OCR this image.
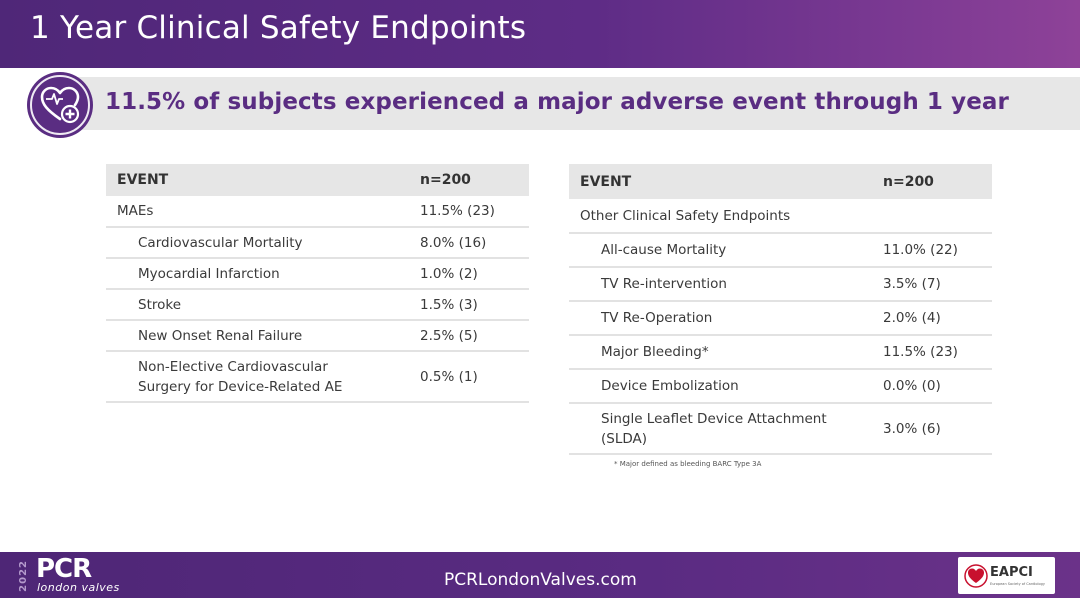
1 Year Clinical Safety Endpoints
11.5% of subjects experienced a major adverse event through 1 year
EVENT	n=200
MAEs	11.5% (23)
Cardiovascular Mortality	8.0% (16)
Myocardial Infarction	1.0% (2)
Stroke	1.5% (3)
New Onset Renal Failure	2.5% (5)

Non-Elective Cardiovascular
Surgery for Device-Related AE	0.5% (1)
EVENT	n=200
Other Clinical Safety Endpoints	
All-cause Mortality	11.0% (22)
TV Re-intervention	3.5% (7)
TV Re-Operation	2.0% (4)
Major Bleeding*	11.5% (23)
Device Embolization	0.0% (0)

Single Leaflet Device Attachment
(SLDA)	3.0% (6)
* Major defined as bleeding BARC Type 3A
2022 PCR
london valves	PCRLondonValves.com	EAPCI
European Society of Cardiology
